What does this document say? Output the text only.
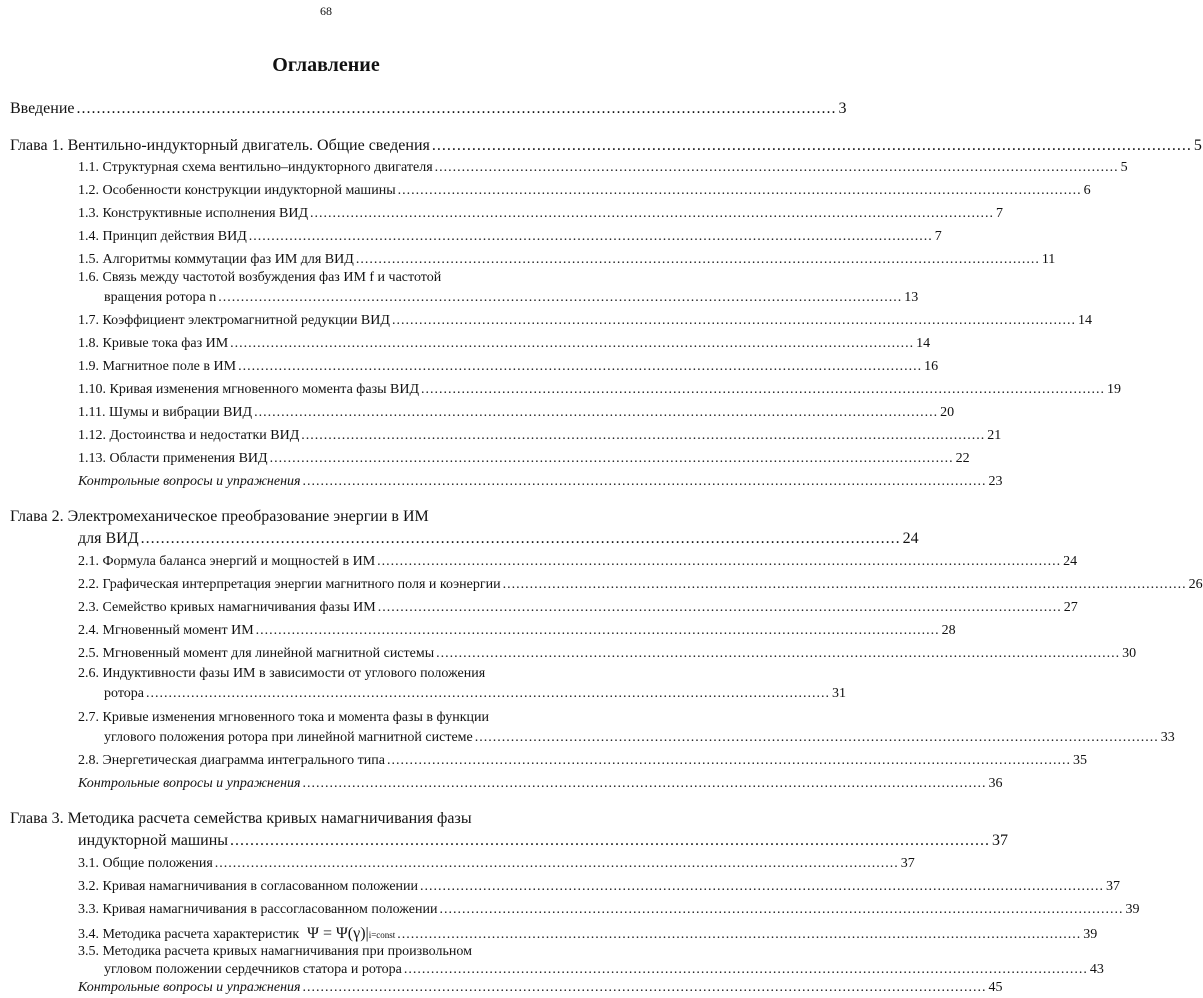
68
Оглавление
Введение ........................................................................................................................................................ 3
Глава 1. Вентильно-индукторный двигатель. Общие сведения ........................................................................................................................................................ 5
1.1. Структурная схема вентильно–индукторного двигателя ........................................................................................................................................................ 5
1.2. Особенности конструкции индукторной машины ........................................................................................................................................................ 6
1.3. Конструктивные исполнения ВИД ........................................................................................................................................................ 7
1.4. Принцип действия ВИД ........................................................................................................................................................ 7
1.5. Алгоритмы коммутации фаз ИМ для ВИД ........................................................................................................................................................ 11
1.6. Связь между частотой возбуждения фаз ИМ f и частотой
вращения ротора n ........................................................................................................................................................ 13
1.7. Коэффициент электромагнитной редукции ВИД ........................................................................................................................................................ 14
1.8. Кривые тока фаз ИМ ........................................................................................................................................................ 14
1.9. Магнитное поле в ИМ ........................................................................................................................................................ 16
1.10. Кривая изменения мгновенного момента фазы ВИД ........................................................................................................................................................ 19
1.11. Шумы и вибрации ВИД ........................................................................................................................................................ 20
1.12. Достоинства и недостатки ВИД ........................................................................................................................................................ 21
1.13. Области применения ВИД ........................................................................................................................................................ 22
Контрольные вопросы и упражнения ........................................................................................................................................................ 23
Глава 2. Электромеханическое преобразование энергии в ИМ
для ВИД ........................................................................................................................................................ 24
2.1. Формула баланса энергий и мощностей в ИМ ........................................................................................................................................................ 24
2.2. Графическая интерпретация энергии магнитного поля и коэнергии ........................................................................................................................................................ 26
2.3. Семейство кривых намагничивания фазы ИМ ........................................................................................................................................................ 27
2.4. Мгновенный момент ИМ ........................................................................................................................................................ 28
2.5. Мгновенный момент для линейной магнитной системы ........................................................................................................................................................ 30
2.6. Индуктивности фазы ИМ в зависимости от углового положения
ротора ........................................................................................................................................................ 31
2.7. Кривые изменения мгновенного тока и момента фазы в функции
углового положения ротора при линейной магнитной системе ........................................................................................................................................................ 33
2.8. Энергетическая диаграмма интегрального типа ........................................................................................................................................................ 35
Контрольные вопросы и упражнения ........................................................................................................................................................ 36
Глава 3. Методика расчета семейства кривых намагничивания фазы
индукторной машины ........................................................................................................................................................ 37
3.1. Общие положения ........................................................................................................................................................ 37
3.2. Кривая намагничивания в согласованном положении ........................................................................................................................................................ 37
3.3. Кривая намагничивания в рассогласованном положении ........................................................................................................................................................ 39
3.4. Методика расчета характеристик Ψ = Ψ(γ)| i=const ........................................................................................................................................................ 39
3.5. Методика расчета кривых намагничивания при произвольном
угловом положении сердечников статора и ротора ........................................................................................................................................................ 43
Контрольные вопросы и упражнения ........................................................................................................................................................ 45
